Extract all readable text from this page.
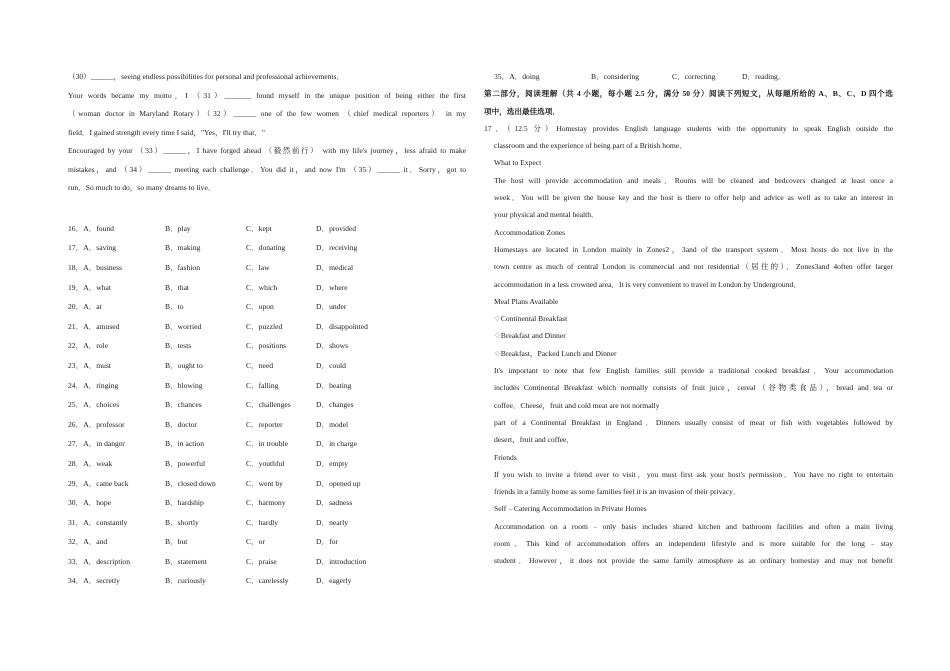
（30）______，seeing endless possibilities for personal and professional achievements．

Your words became my motto．I （31）_______ found myself in the unique position of being either the first

（woman doctor in Maryland Rotary）（32）______ one of the few women （chief medical reporters） in my

field．I gained strength every time I said，"Yes，I'll try that．"

Encouraged by your （33）______，I have forged ahead （毅然前行） with my life's journey，less afraid to make

mistakes，and （34）______ meeting each challenge．You did it，and now I'm （35）______ it．Sorry，got to

run．So much to do，so many dreams to live．

16．A．found	B．play	C．kept	D．provided
17．A．saving	B．making	C．donating	D．receiving
18．A．business	B．fashion	C．law	D．medical
19．A．what	B．that	C．which	D．where
20．A．at	B．to	C．upon	D．under
21．A．amused	B．worried	C．puzzled	D．disappointed
22．A．role	B．tests	C．positions	D．shows
23．A．must	B．ought to	C．need	D．could
24．A．ringing	B．blowing	C．falling	D．beating
25．A．choices	B．chances	C．challenges	D．changes
26．A．professor	B．doctor	C．reporter	D．model
27．A．in danger	B．in action	C．in trouble	D．in charge
28．A．weak	B．powerful	C．youthful	D．empty
29．A．came back	B．closed down	C．went by	D．opened up
30．A．hope	B．hardship	C．harmony	D．sadness
31．A．constantly	B．shortly	C．hardly	D．nearly
32．A．and	B．but	C．or	D．for
33．A．description	B．statement	C．praise	D．introduction
34．A．secretly	B．curiously	C．carelessly	D．eagerly
35．A．doing	B．considering	C．correcting	D．reading．

第二部分，阅读理解（共 4 小题，每小题 2.5 分，满分 50 分）阅读下列短文，从每题所给的 A、B、C、D 四个选

项中，选出最佳选项．

17．（12.5 分）Homestay provides English language students with the opportunity to speak English outside the

classroom and the experience of being part of a British home．

What to Expect

The host will provide accommodation and meals．Rooms will be cleaned and bedcovers changed at least once a

week．You will be given the house key and the host is there to offer help and advice as well as to take an interest in

your physical and mental health．

Accommodation Zones

Homestays are located in London mainly in Zones2，3and of the transport system．Most hosts do not live in the

town centre as much of central London is commercial and not residential（居住的）．Zones3and 4often offer larger

accommodation in a less crowned area．It is very convenient to travel in London by Underground．

Meal Plans Available

♢Continental Breakfast

♢Breakfast and Dinner

♢Breakfast，Packed Lunch and Dinner

It's important to note that few English families still provide a traditional cooked breakfast．Your accommodation

includes Continental Breakfast which normally consists of fruit juice，cereal（谷物类食品），bread and tea or

coffee．Cheese，fruit and cold meat are not normally

part of a Continental Breakfast in England．Dinners usually consist of meat or fish with vegetables followed by

desert，fruit and coffee．

Friends

If you wish to invite a friend over to visit．you must first ask your host's permission．You have no right to entertain

friends in a family home as some families feel it is an invasion of their privacy．

Self﹣Catering Accommodation in Private Homes

Accommodation on a room﹣only basis includes shared kitchen and bathroom facilities and often a main living

room．This kind of accommodation offers an independent lifestyle and is more suitable for the long﹣stay

student．However，it does not provide the same family atmosphere as an ordinary homestay and may not benefit
